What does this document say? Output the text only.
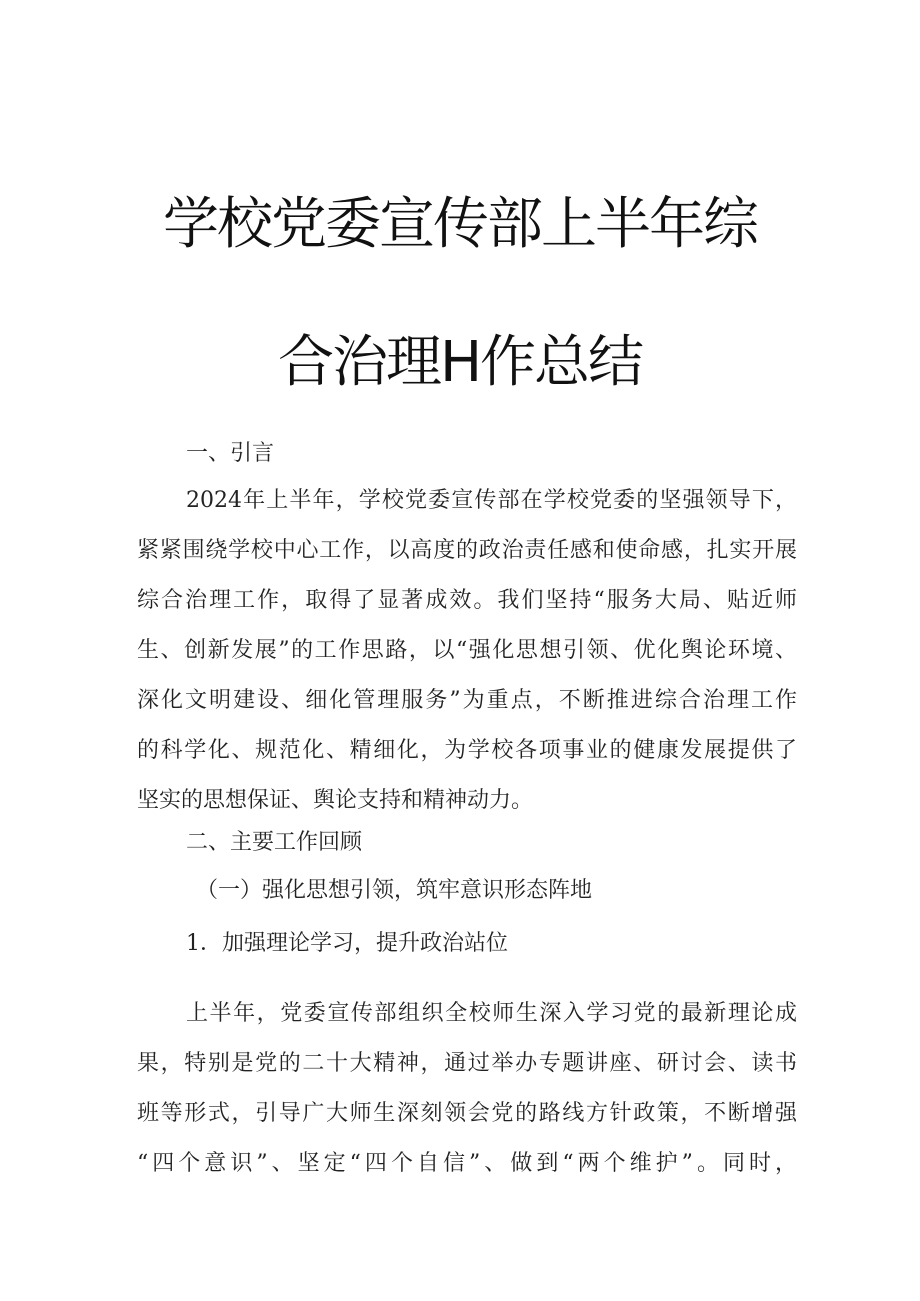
学校党委宣传部上半年综
合治理H作总结
一、引言
2024年上半年，学校党委宣传部在学校党委的坚强领导下，
紧紧围绕学校中心工作，以高度的政治责任感和使命感，扎实开展
综合治理工作，取得了显著成效。我们坚持“服务大局、贴近师
生、创新发展”的工作思路，以“强化思想引领、优化舆论环境、
深化文明建设、细化管理服务”为重点，不断推进综合治理工作
的科学化、规范化、精细化，为学校各项事业的健康发展提供了
坚实的思想保证、舆论支持和精神动力。
二、主要工作回顾
（一）强化思想引领，筑牢意识形态阵地
1．加强理论学习，提升政治站位
上半年，党委宣传部组织全校师生深入学习党的最新理论成
果，特别是党的二十大精神，通过举办专题讲座、研讨会、读书
班等形式，引导广大师生深刻领会党的路线方针政策，不断增强
“四个意识”、坚定“四个自信”、做到“两个维护”。同时，
